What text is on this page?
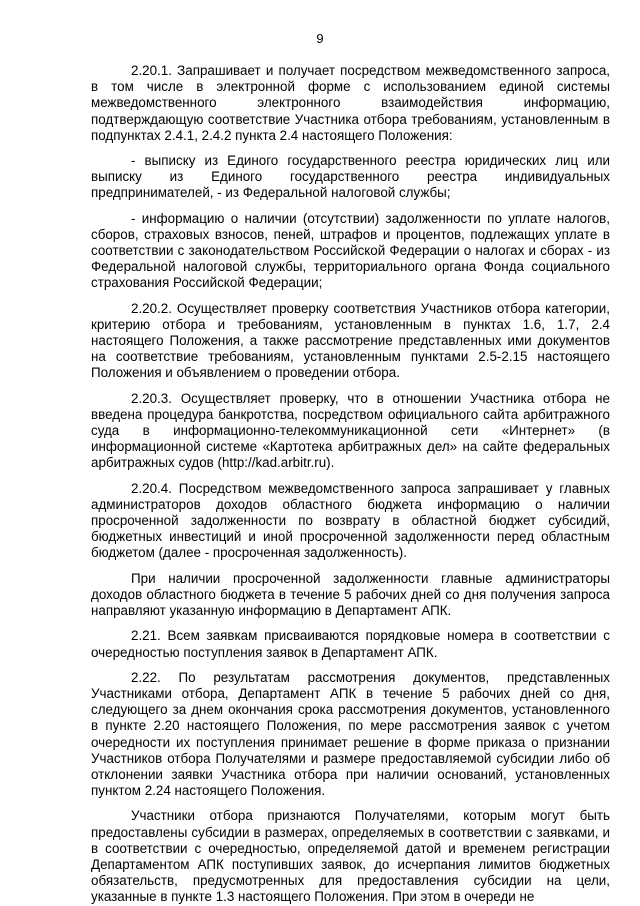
9

2.20.1. Запрашивает и получает посредством межведомственного запроса, в том числе в электронной форме с использованием единой системы межведомственного электронного взаимодействия информацию, подтверждающую соответствие Участника отбора требованиям, установленным в подпунктах 2.4.1, 2.4.2 пункта 2.4 настоящего Положения:

- выписку из Единого государственного реестра юридических лиц или выписку из Единого государственного реестра индивидуальных предпринимателей, - из Федеральной налоговой службы;

- информацию о наличии (отсутствии) задолженности по уплате налогов, сборов, страховых взносов, пеней, штрафов и процентов, подлежащих уплате в соответствии с законодательством Российской Федерации о налогах и сборах - из Федеральной налоговой службы, территориального органа Фонда социального страхования Российской Федерации;

2.20.2. Осуществляет проверку соответствия Участников отбора категории, критерию отбора и требованиям, установленным в пунктах 1.6, 1.7, 2.4 настоящего Положения, а также рассмотрение представленных ими документов на соответствие требованиям, установленным пунктами 2.5-2.15 настоящего Положения и объявлением о проведении отбора.

2.20.3. Осуществляет проверку, что в отношении Участника отбора не введена процедура банкротства, посредством официального сайта арбитражного суда в информационно-телекоммуникационной сети «Интернет» (в информационной системе «Картотека арбитражных дел» на сайте федеральных арбитражных судов (http://kad.arbitr.ru).

2.20.4. Посредством межведомственного запроса запрашивает у главных администраторов доходов областного бюджета информацию о наличии просроченной задолженности по возврату в областной бюджет субсидий, бюджетных инвестиций и иной просроченной задолженности перед областным бюджетом (далее - просроченная задолженность).

При наличии просроченной задолженности главные администраторы доходов областного бюджета в течение 5 рабочих дней со дня получения запроса направляют указанную информацию в Департамент АПК.

2.21. Всем заявкам присваиваются порядковые номера в соответствии с очередностью поступления заявок в Департамент АПК.

2.22. По результатам рассмотрения документов, представленных Участниками отбора, Департамент АПК в течение 5 рабочих дней со дня, следующего за днем окончания срока рассмотрения документов, установленного в пункте 2.20 настоящего Положения, по мере рассмотрения заявок с учетом очередности их поступления принимает решение в форме приказа о признании Участников отбора Получателями и размере предоставляемой субсидии либо об отклонении заявки Участника отбора при наличии оснований, установленных пунктом 2.24 настоящего Положения.

Участники отбора признаются Получателями, которым могут быть предоставлены субсидии в размерах, определяемых в соответствии с заявками, и в соответствии с очередностью, определяемой датой и временем регистрации Департаментом АПК поступивших заявок, до исчерпания лимитов бюджетных обязательств, предусмотренных для предоставления субсидии на цели, указанные в пункте 1.3 настоящего Положения. При этом в очереди не
